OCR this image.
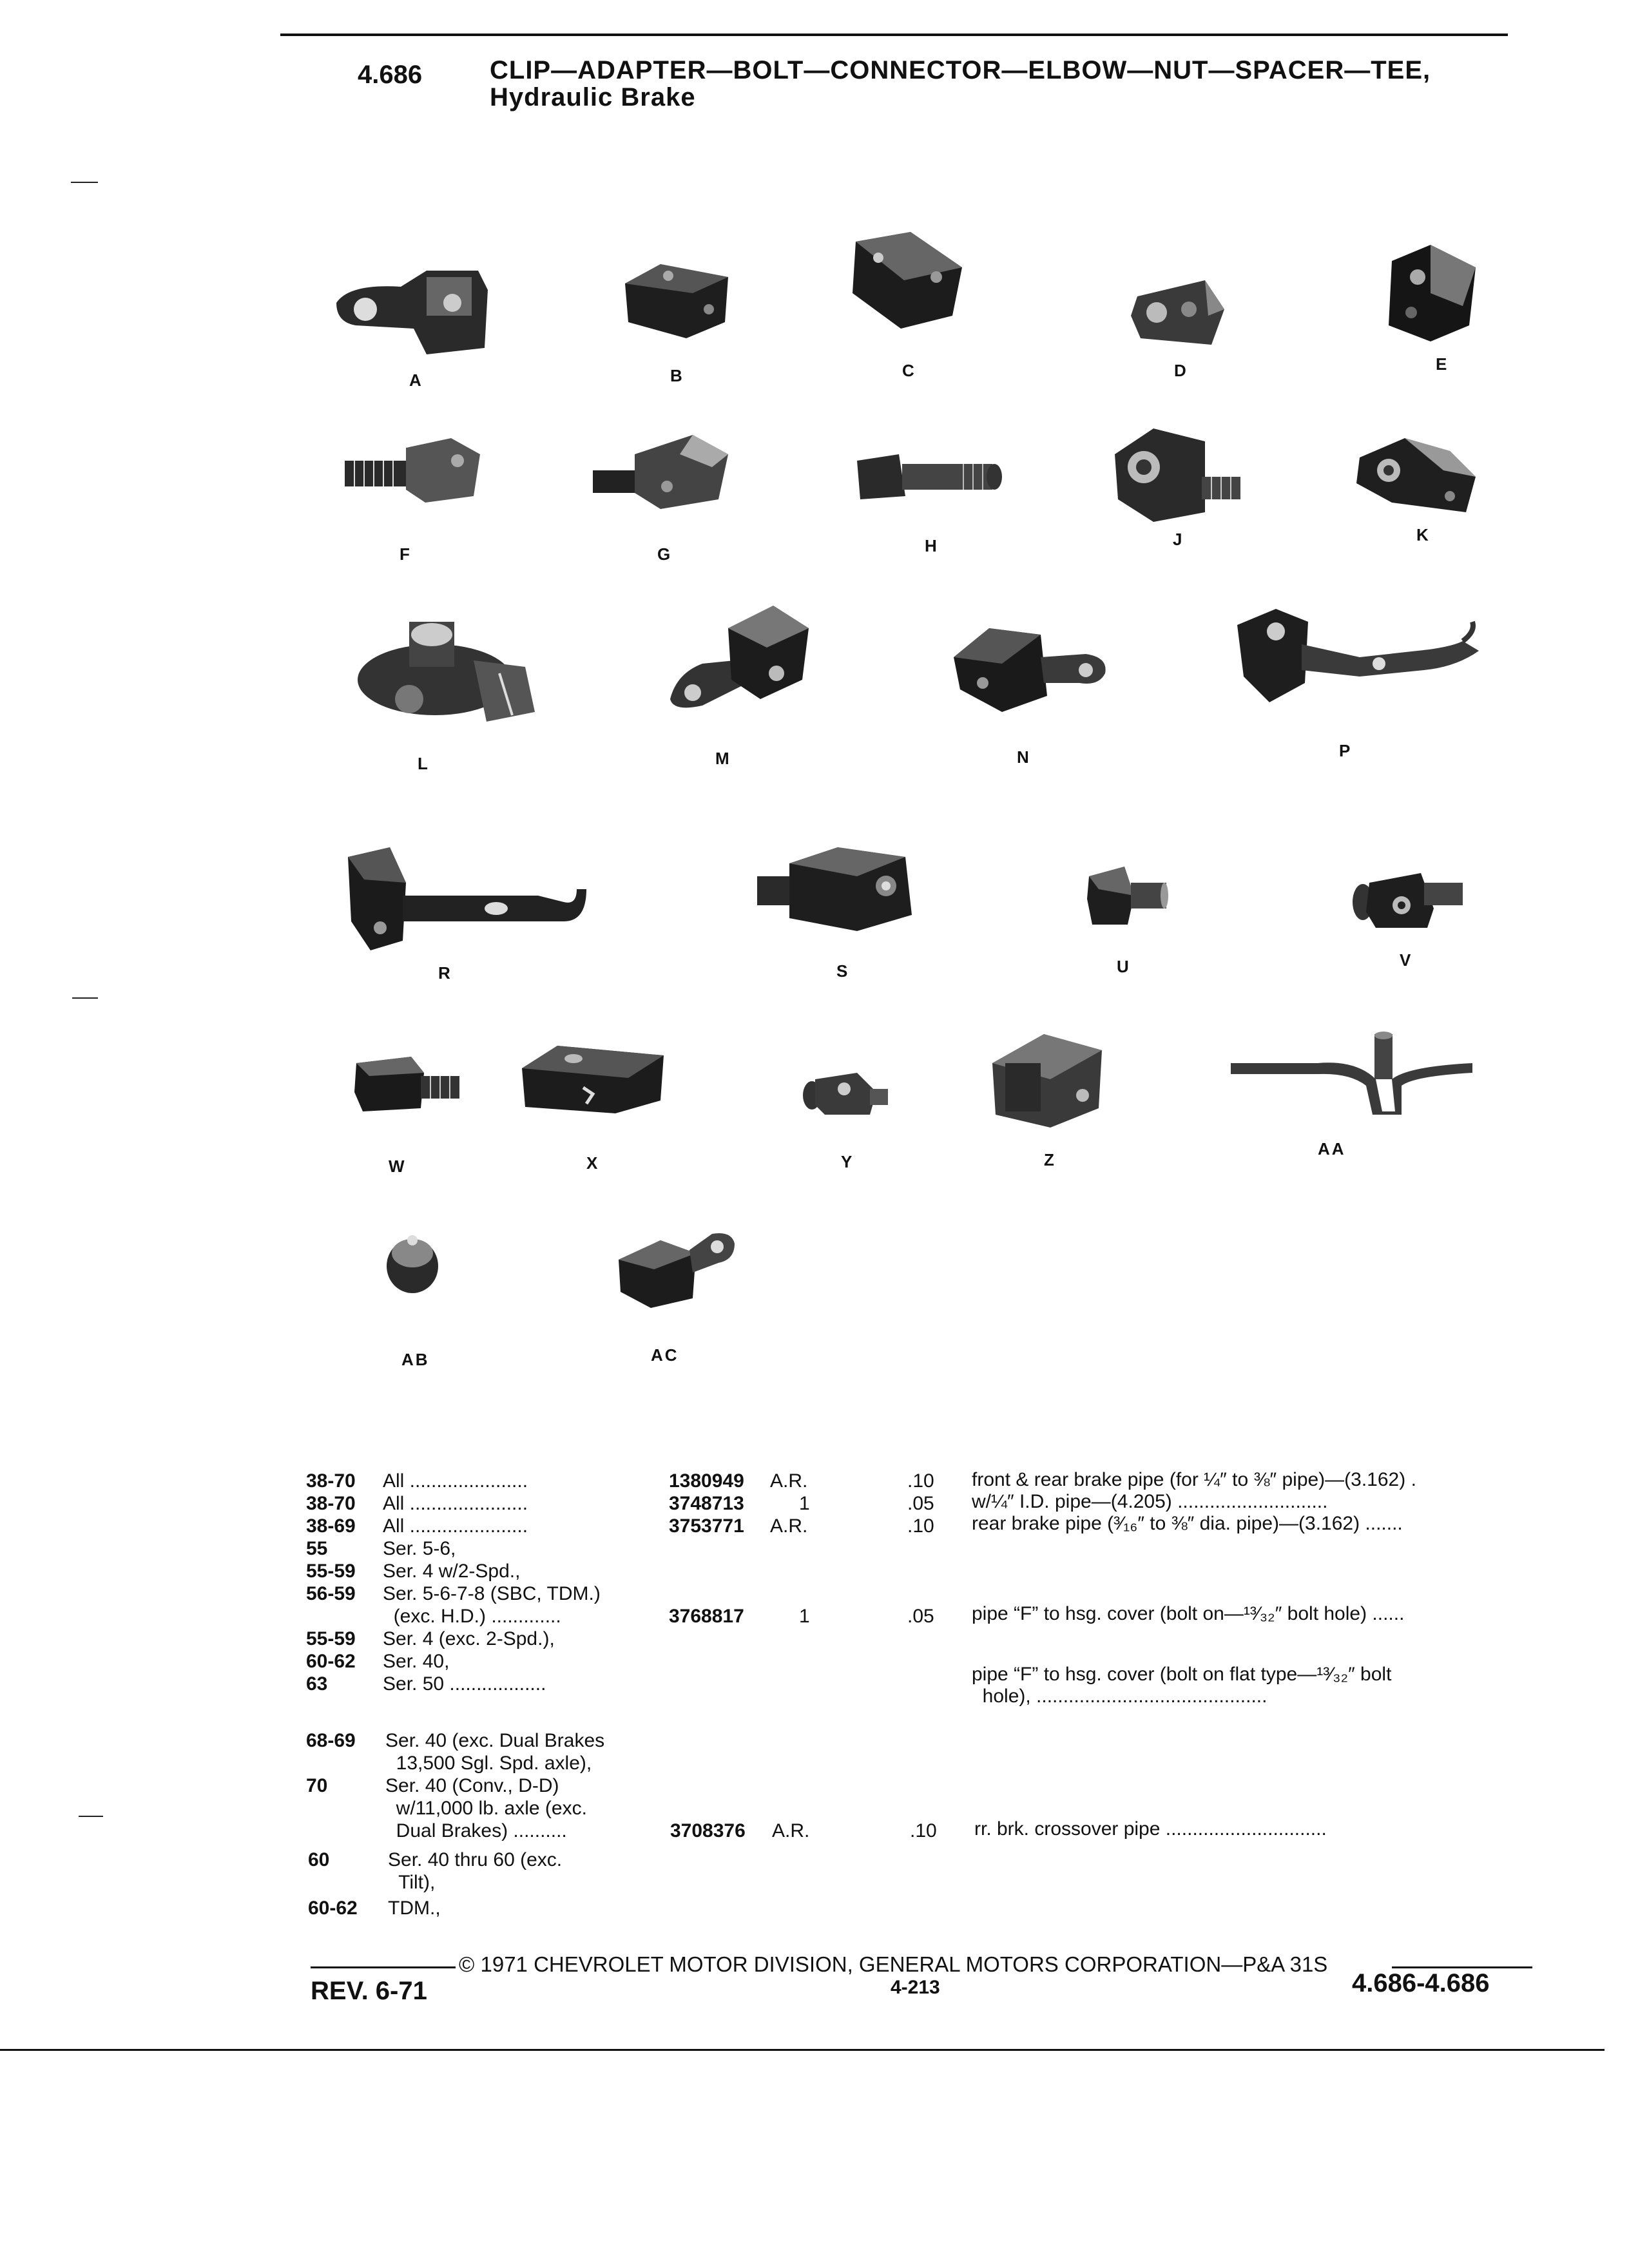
4.686	CLIP—ADAPTER—BOLT—CONNECTOR—ELBOW—NUT—SPACER—TEE,
Hydraulic Brake
A	B	C	D	E
F	G	H	J	K
L	M	N	P
R	S	U	V
W	X	Y	Z
AA
AB	AC
38-70 All ......................	1380949 A.R.	.10 front & rear brake pipe (for ¼″ to ⅜″ pipe)—(3.162) .
38-70 All ......................	3748713	1	.05 w/¼″ I.D. pipe—(4.205) ............................
38-69 All ......................	3753771 A.R.	.10 rear brake pipe (³⁄₁₆″ to ⅜″ dia. pipe)—(3.162) .......
55	Ser. 5-6,
55-59 Ser. 4 w/2-Spd.,
56-59 Ser. 5-6-7-8 (SBC, TDM.)
(exc. H.D.) .............	3768817	1	.05 pipe “F” to hsg. cover (bolt on—¹³⁄₃₂″ bolt hole) ......
55-59 Ser. 4 (exc. 2-Spd.),
60-62 Ser. 40,
63	Ser. 50 ..................	pipe “F” to hsg. cover (bolt on flat type—¹³⁄₃₂″ bolt
hole), ...........................................
68-69 Ser. 40 (exc. Dual Brakes
13,500 Sgl. Spd. axle),
70	Ser. 40 (Conv., D-D)
w/11,000 lb. axle (exc.
Dual Brakes) ..........	3708376 A.R.	.10 rr. brk. crossover pipe ..............................
60	Ser. 40 thru 60 (exc.
Tilt),
60-62 TDM.,
© 1971 CHEVROLET MOTOR DIVISION, GENERAL MOTORS CORPORATION—P&A 31S
REV. 6-71	4-213	4.686-4.686
